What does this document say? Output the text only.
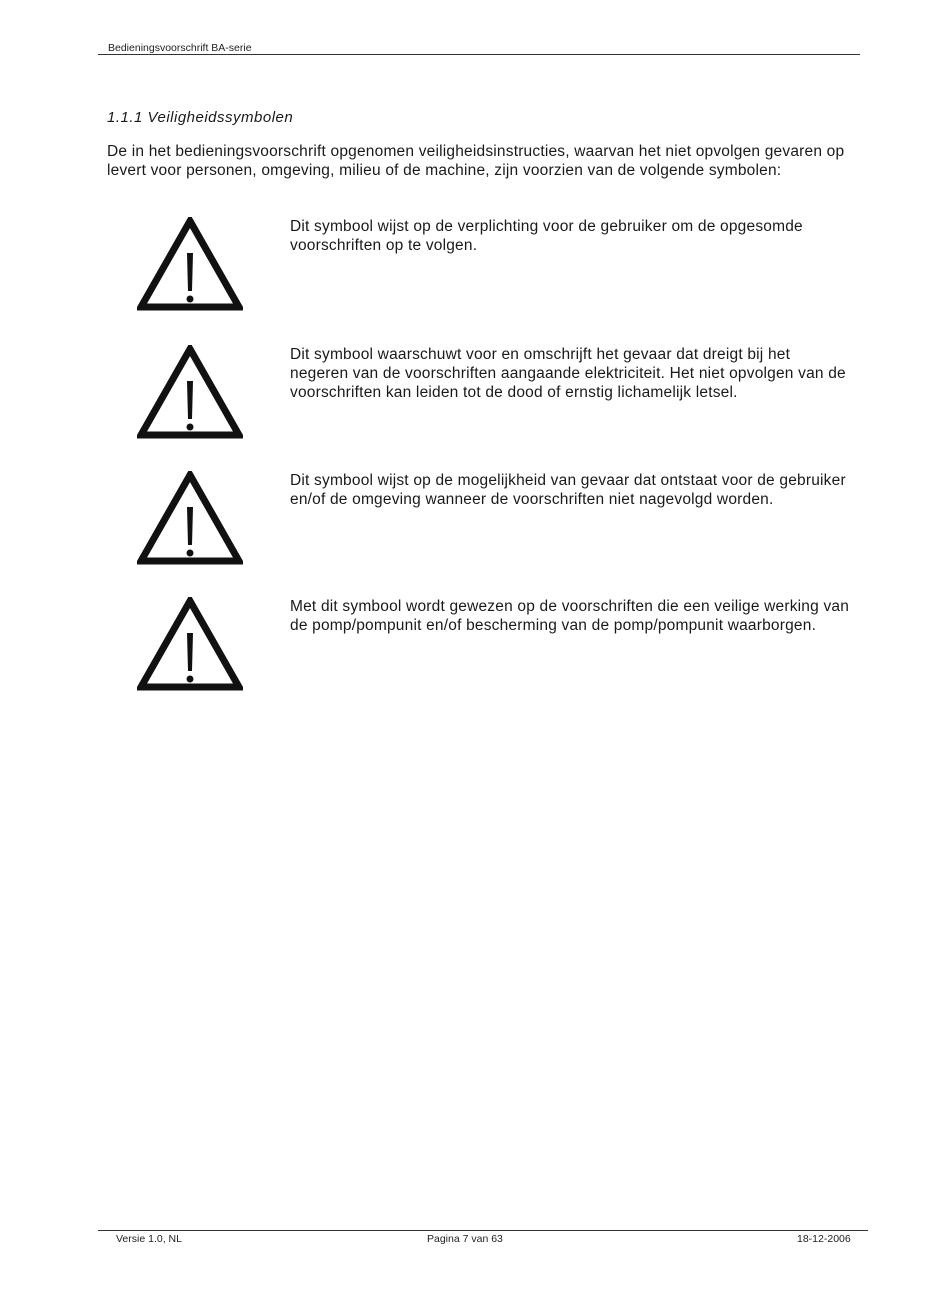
Bedieningsvoorschrift BA-serie
1.1.1 Veiligheidssymbolen
De in het bedieningsvoorschrift opgenomen veiligheidsinstructies, waarvan het niet opvolgen gevaren op levert voor personen, omgeving, milieu of de machine, zijn voorzien van de volgende symbolen:
Dit symbool wijst op de verplichting voor de gebruiker om de opgesomde voorschriften op te volgen.
Dit symbool waarschuwt voor en omschrijft het gevaar dat dreigt bij het negeren van de voorschriften aangaande elektriciteit. Het niet opvolgen van de voorschriften kan leiden tot de dood of ernstig lichamelijk letsel.
Dit symbool wijst op de mogelijkheid van gevaar dat ontstaat voor de gebruiker en/of de omgeving wanneer de voorschriften niet nagevolgd worden.
Met dit symbool wordt gewezen op de voorschriften die een veilige werking van de pomp/pompunit en/of bescherming van de pomp/pompunit waarborgen.
Versie 1.0, NL	Pagina 7 van 63	18-12-2006
